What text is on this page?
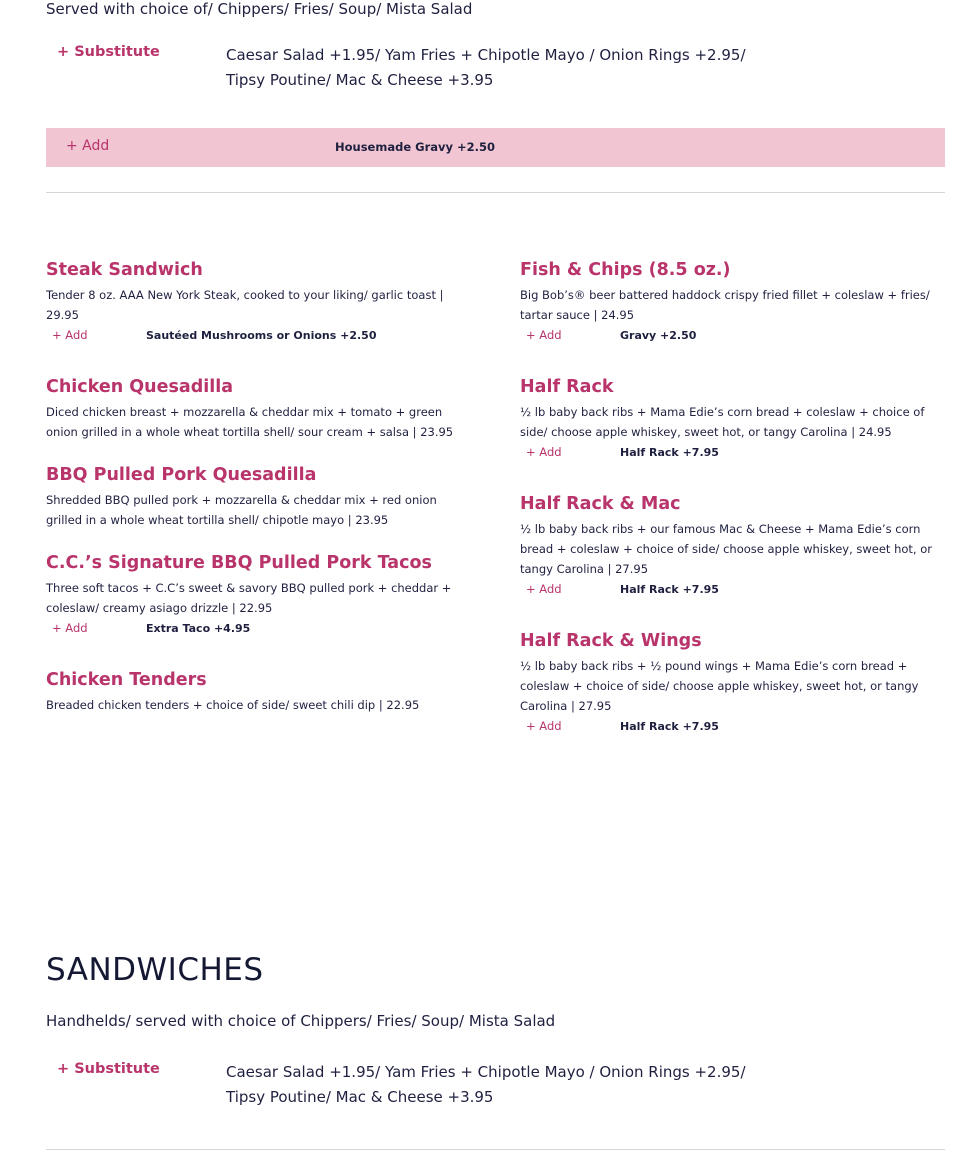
Served with choice of/ Chippers/ Fries/ Soup/ Mista Salad
+ Substitute	Caesar Salad +1.95/ Yam Fries + Chipotle Mayo / Onion Rings +2.95/ Tipsy Poutine/ Mac & Cheese +3.95
+ Add	Housemade Gravy +2.50
Steak Sandwich

Tender 8 oz. AAA New York Steak, cooked to your liking/ garlic toast | 29.95

+ Add	Sautéed Mushrooms or Onions +2.50
Chicken Quesadilla

Diced chicken breast + mozzarella & cheddar mix + tomato + green onion grilled in a whole wheat tortilla shell/ sour cream + salsa | 23.95

BBQ Pulled Pork Quesadilla

Shredded BBQ pulled pork + mozzarella & cheddar mix + red onion grilled in a whole wheat tortilla shell/ chipotle mayo | 23.95

C.C.’s Signature BBQ Pulled Pork Tacos

Three soft tacos + C.C’s sweet & savory BBQ pulled pork + cheddar + coleslaw/ creamy asiago drizzle | 22.95

+ Add	Extra Taco +4.95
Chicken Tenders

Breaded chicken tenders + choice of side/ sweet chili dip | 22.95

Fish & Chips (8.5 oz.)

Big Bob’s® beer battered haddock crispy fried fillet + coleslaw + fries/ tartar sauce | 24.95

+ Add	Gravy +2.50
Half Rack

½ lb baby back ribs + Mama Edie’s corn bread + coleslaw + choice of side/ choose apple whiskey, sweet hot, or tangy Carolina | 24.95

+ Add	Half Rack +7.95
Half Rack & Mac

½ lb baby back ribs + our famous Mac & Cheese + Mama Edie’s corn bread + coleslaw + choice of side/ choose apple whiskey, sweet hot, or tangy Carolina | 27.95

+ Add	Half Rack +7.95
Half Rack & Wings

½ lb baby back ribs + ½ pound wings + Mama Edie’s corn bread + coleslaw + choice of side/ choose apple whiskey, sweet hot, or tangy Carolina | 27.95

+ Add	Half Rack +7.95
SANDWICHES
Handhelds/ served with choice of Chippers/ Fries/ Soup/ Mista Salad
+ Substitute	Caesar Salad +1.95/ Yam Fries + Chipotle Mayo / Onion Rings +2.95/ Tipsy Poutine/ Mac & Cheese +3.95
